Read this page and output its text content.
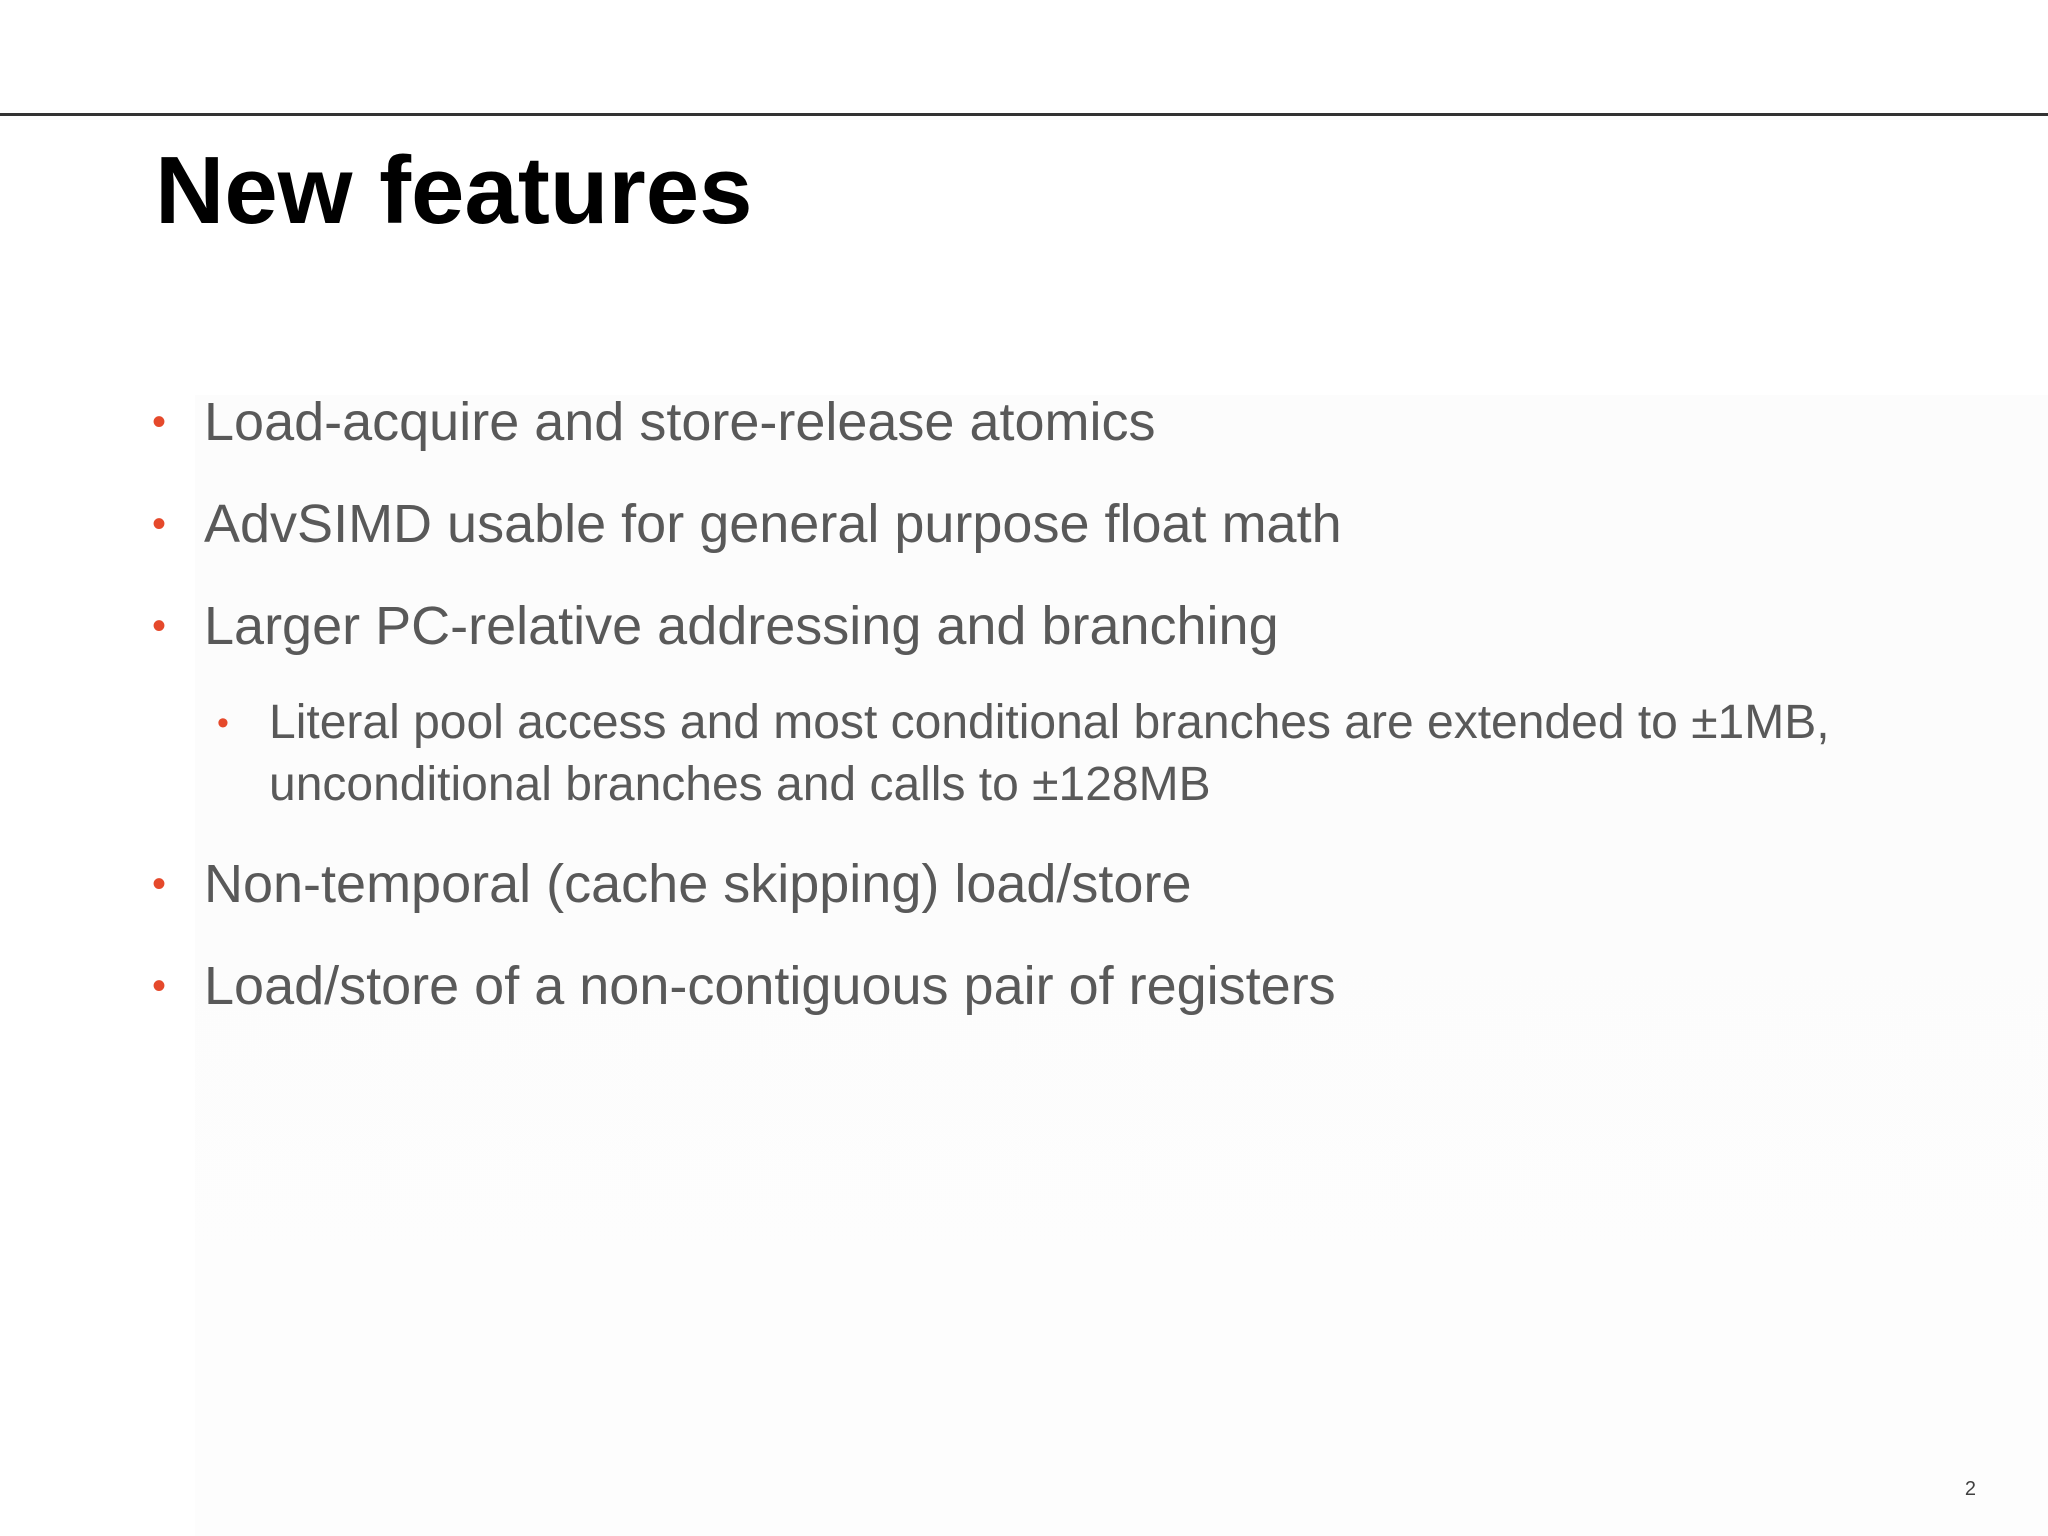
New features
• Load-acquire and store-release atomics
• AdvSIMD usable for general purpose float math
• Larger PC-relative addressing and branching
• Literal pool access and most conditional branches are extended to ±1MB, unconditional branches and calls to ±128MB
• Non-temporal (cache skipping) load/store
• Load/store of a non-contiguous pair of registers
2
